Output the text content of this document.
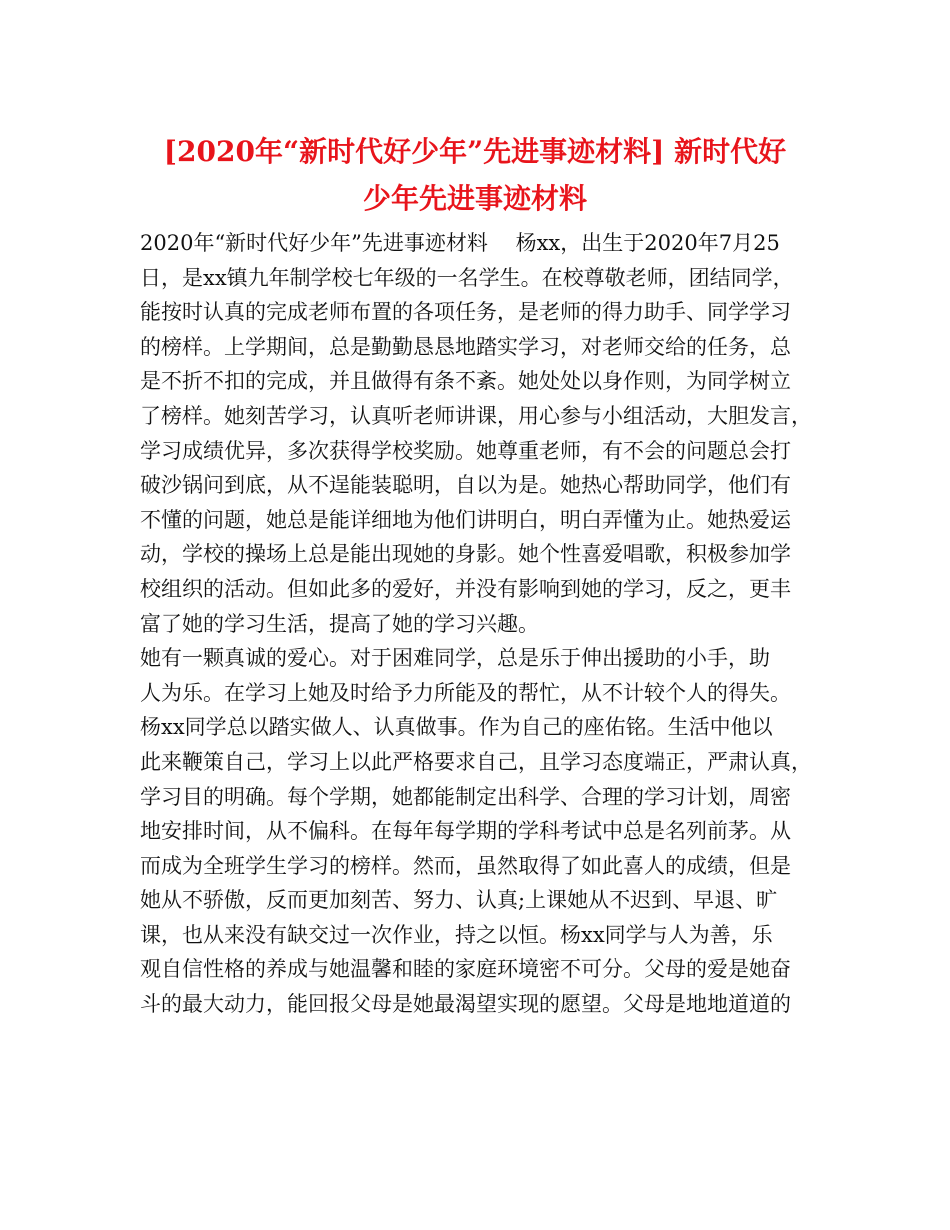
[2020年“新时代好少年”先进事迹材料] 新时代好
少年先进事迹材料
2020年“新时代好少年”先进事迹材料　 杨xx，出生于2020年7月25
日，是xx镇九年制学校七年级的一名学生。在校尊敬老师，团结同学，
能按时认真的完成老师布置的各项任务，是老师的得力助手、同学学习
的榜样。上学期间，总是勤勤恳恳地踏实学习，对老师交给的任务，总
是不折不扣的完成，并且做得有条不紊。她处处以身作则，为同学树立
了榜样。她刻苦学习，认真听老师讲课，用心参与小组活动，大胆发言，
学习成绩优异，多次获得学校奖励。她尊重老师，有不会的问题总会打
破沙锅问到底，从不逞能装聪明，自以为是。她热心帮助同学，他们有
不懂的问题，她总是能详细地为他们讲明白，明白弄懂为止。她热爱运
动，学校的操场上总是能出现她的身影。她个性喜爱唱歌，积极参加学
校组织的活动。但如此多的爱好，并没有影响到她的学习，反之，更丰
富了她的学习生活，提高了她的学习兴趣。
她有一颗真诚的爱心。对于困难同学，总是乐于伸出援助的小手，助
人为乐。在学习上她及时给予力所能及的帮忙，从不计较个人的得失。
杨xx同学总以踏实做人、认真做事。作为自己的座佑铭。生活中他以
此来鞭策自己，学习上以此严格要求自己，且学习态度端正，严肃认真，
学习目的明确。每个学期，她都能制定出科学、合理的学习计划，周密
地安排时间，从不偏科。在每年每学期的学科考试中总是名列前茅。从
而成为全班学生学习的榜样。然而，虽然取得了如此喜人的成绩，但是
她从不骄傲，反而更加刻苦、努力、认真;上课她从不迟到、早退、旷
课，也从来没有缺交过一次作业，持之以恒。杨xx同学与人为善，乐
观自信性格的养成与她温馨和睦的家庭环境密不可分。父母的爱是她奋
斗的最大动力，能回报父母是她最渴望实现的愿望。父母是地地道道的
